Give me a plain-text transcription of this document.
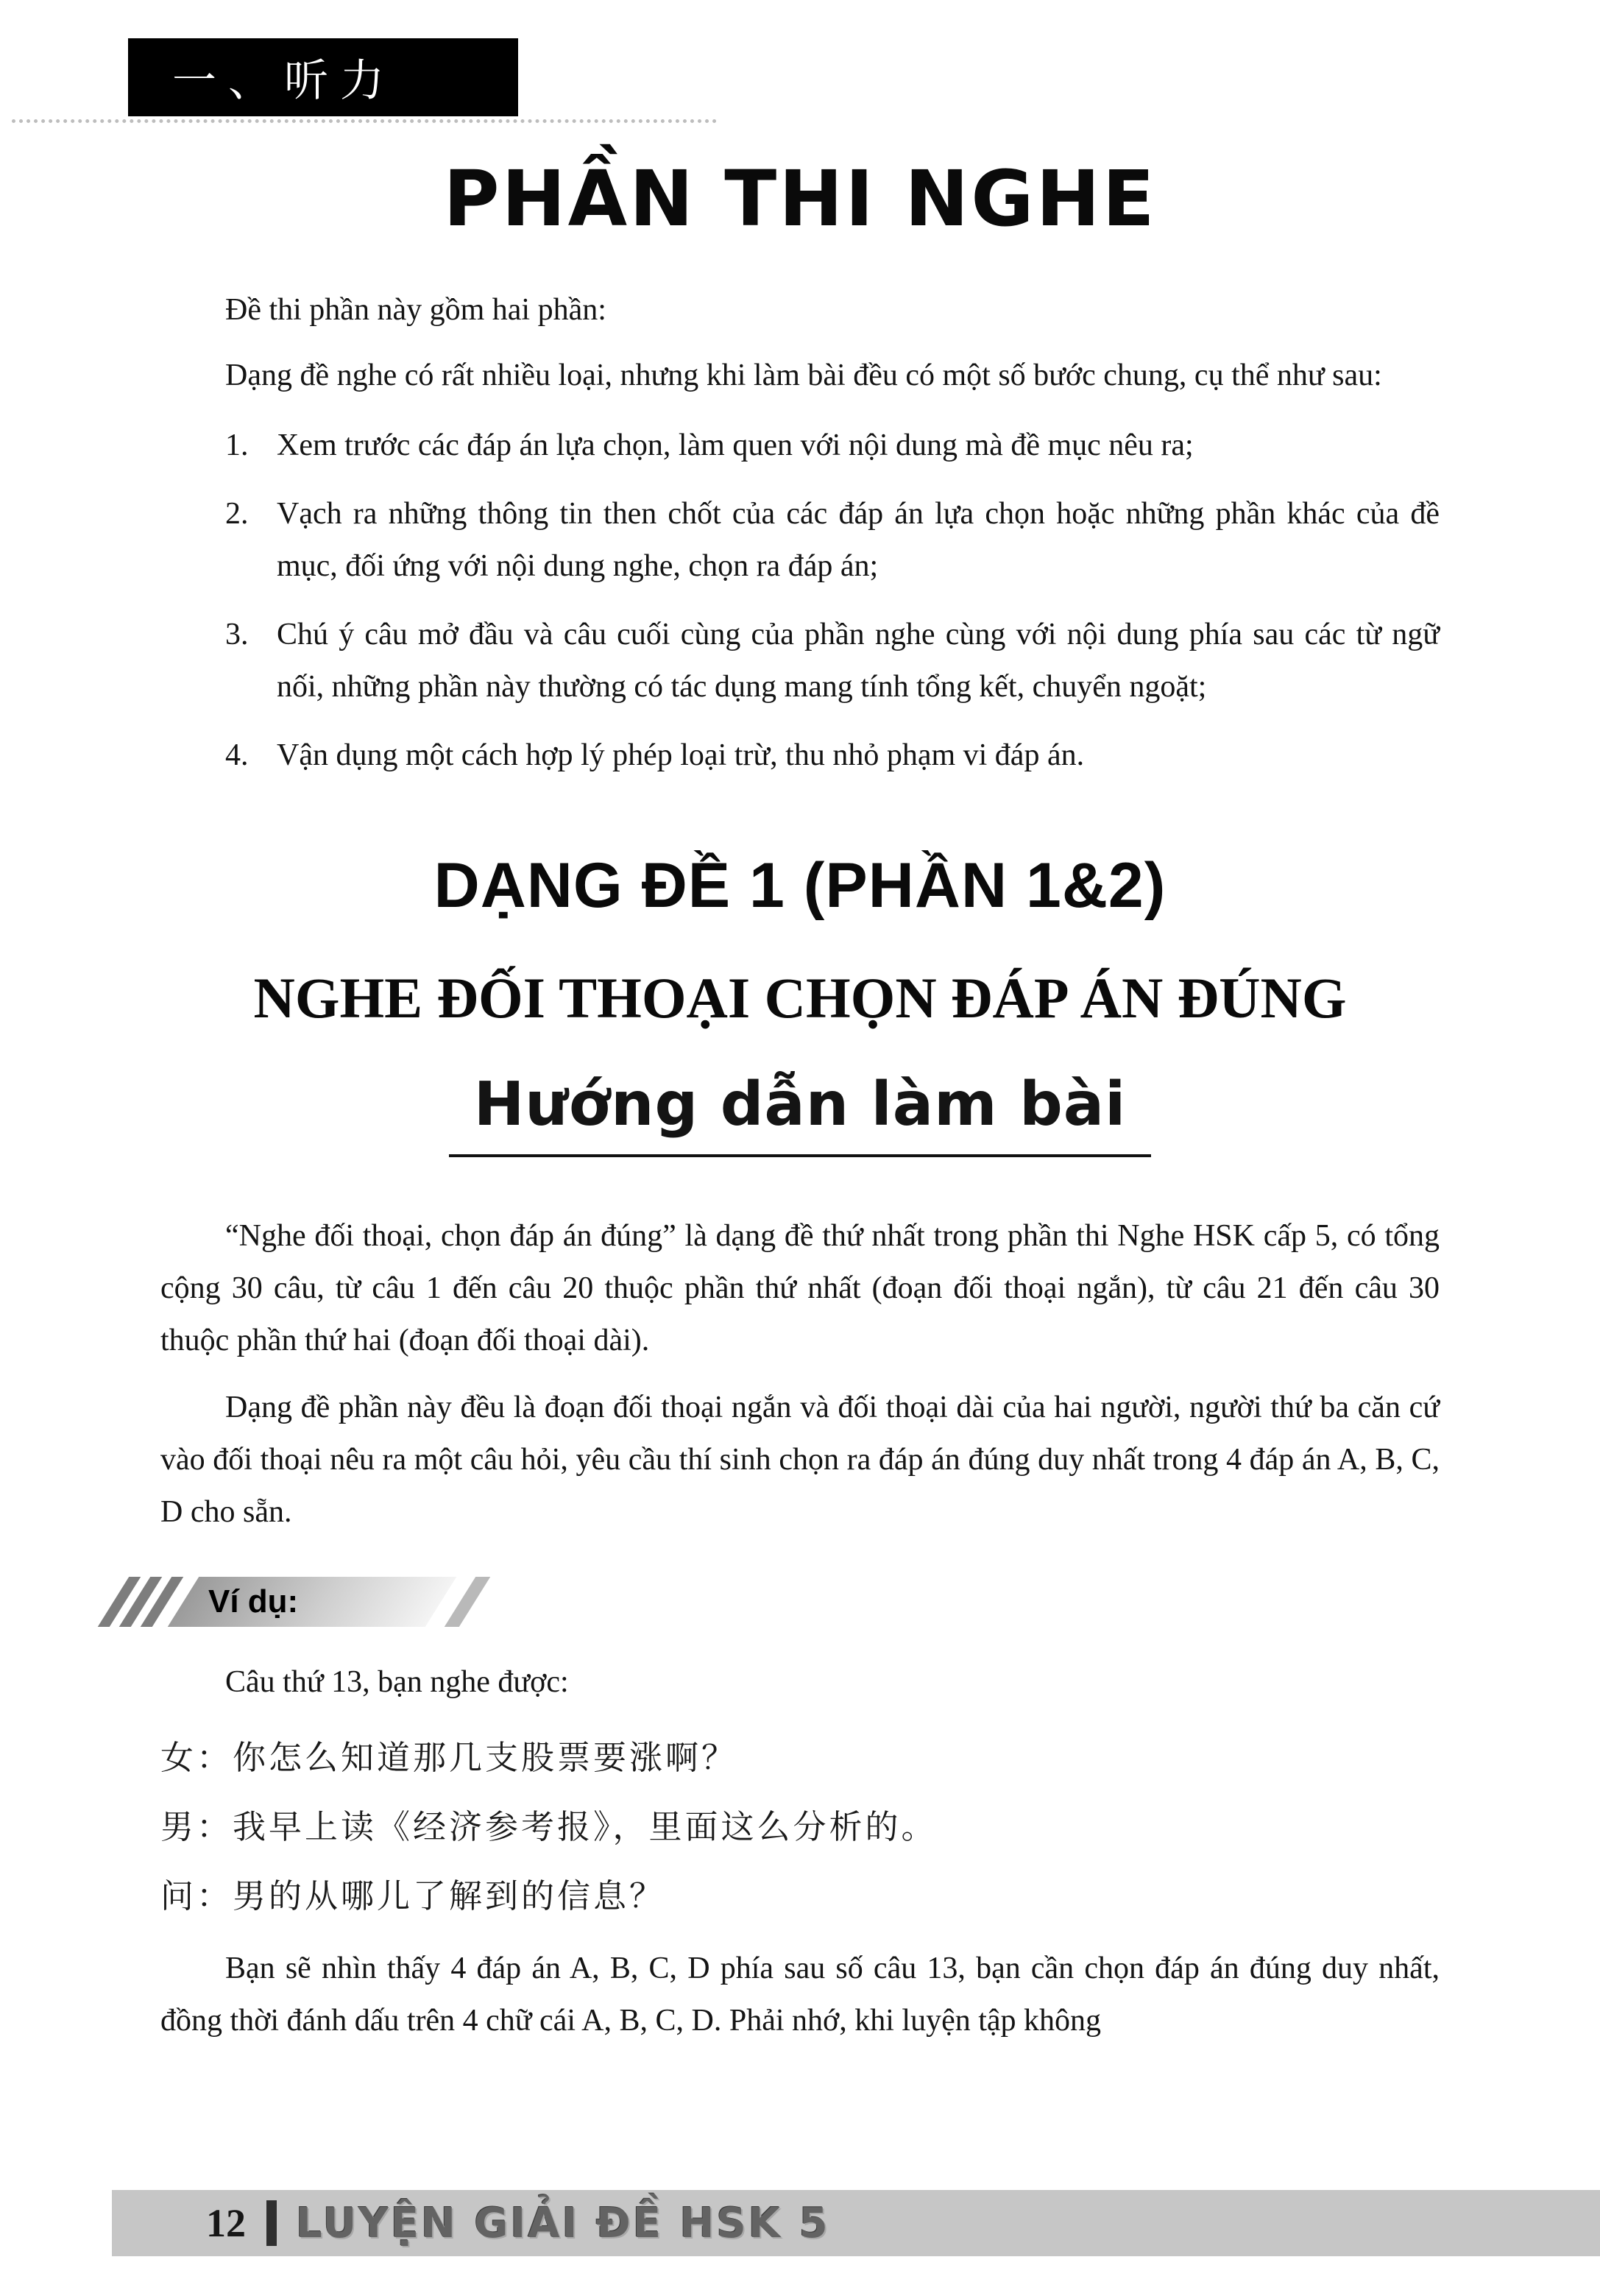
一、听力
PHẦN THI NGHE

Đề thi phần này gồm hai phần:

Dạng đề nghe có rất nhiều loại, nhưng khi làm bài đều có một số bước chung, cụ thể như sau:

1. Xem trước các đáp án lựa chọn, làm quen với nội dung mà đề mục nêu ra;
2. Vạch ra những thông tin then chốt của các đáp án lựa chọn hoặc những phần khác của đề mục, đối ứng với nội dung nghe, chọn ra đáp án;
3. Chú ý câu mở đầu và câu cuối cùng của phần nghe cùng với nội dung phía sau các từ ngữ nối, những phần này thường có tác dụng mang tính tổng kết, chuyển ngoặt;
4. Vận dụng một cách hợp lý phép loại trừ, thu nhỏ phạm vi đáp án.
DẠNG ĐỀ 1 (PHẦN 1&2)
NGHE ĐỐI THOẠI CHỌN ĐÁP ÁN ĐÚNG
Hướng dẫn làm bài

“Nghe đối thoại, chọn đáp án đúng” là dạng đề thứ nhất trong phần thi Nghe HSK cấp 5, có tổng cộng 30 câu, từ câu 1 đến câu 20 thuộc phần thứ nhất (đoạn đối thoại ngắn), từ câu 21 đến câu 30 thuộc phần thứ hai (đoạn đối thoại dài).

Dạng đề phần này đều là đoạn đối thoại ngắn và đối thoại dài của hai người, người thứ ba căn cứ vào đối thoại nêu ra một câu hỏi, yêu cầu thí sinh chọn ra đáp án đúng duy nhất trong 4 đáp án A, B, C, D cho sẵn.

Ví dụ:

Câu thứ 13, bạn nghe được:

女：你怎么知道那几支股票要涨啊？

男：我早上读《经济参考报》，里面这么分析的。

问：男的从哪儿了解到的信息？

Bạn sẽ nhìn thấy 4 đáp án A, B, C, D phía sau số câu 13, bạn cần chọn đáp án đúng duy nhất, đồng thời đánh dấu trên 4 chữ cái A, B, C, D. Phải nhớ, khi luyện tập không

12 LUYỆN GIẢI ĐỀ HSK 5
